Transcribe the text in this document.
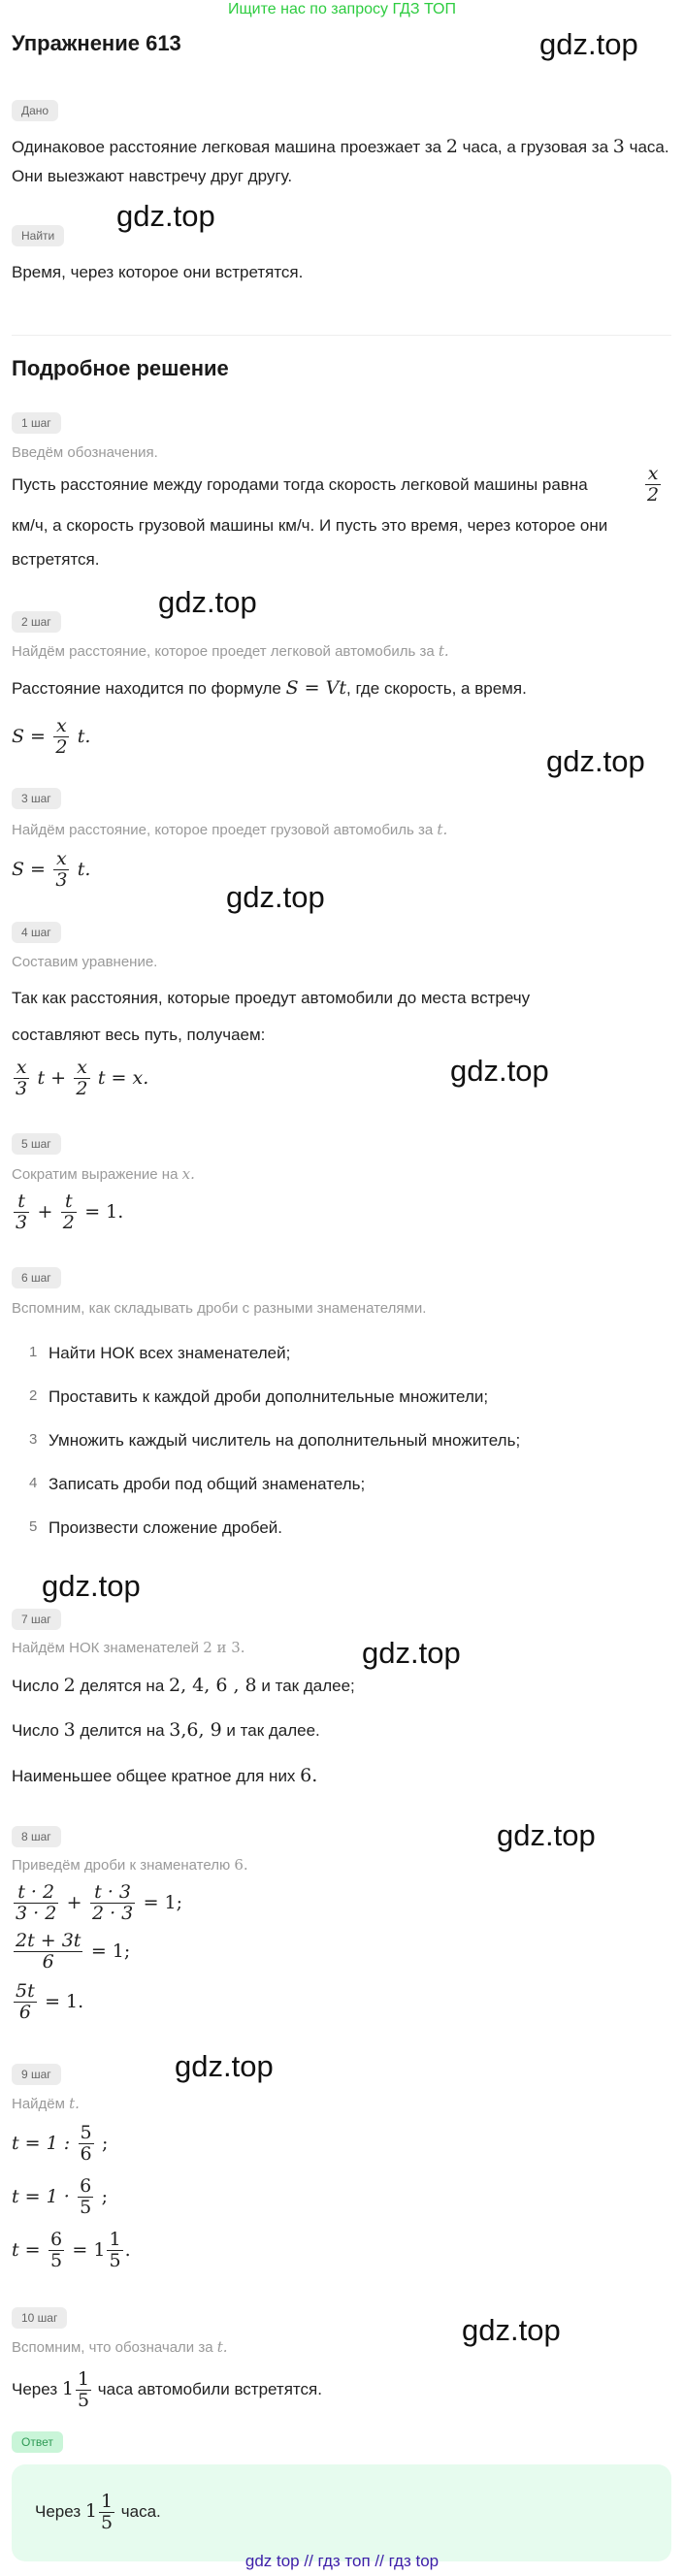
Ищите нас по запросу ГДЗ ТОП
Упражнение 613	gdz.top
gdz.top
gdz.top
gdz.top
gdz.top
gdz.top
gdz.top
gdz.top
gdz.top
gdz.top
gdz.top
Дано
Одинаковое расстояние легковая машина проезжает за 2 часа, а грузовая за 3 часа. Они выезжают навстречу друг другу.
Найти
Время, через которое они встретятся.
Подробное решение
1 шаг
Введём обозначения.
Пусть расстояние между городами тогда скорость легковой машины равна	$\frac{x}{2}$
км/ч, а скорость грузовой машины км/ч. И пусть это время, через которое они
встретятся.
2 шаг
Найдём расстояние, которое проедет легковой автомобиль за t.
Расстояние находится по формуле S = Vt, где скорость, а время.
$S = \frac{x}{2} t$.
3 шаг
Найдём расстояние, которое проедет грузовой автомобиль за t.
$S = \frac{x}{3} t$.
4 шаг
Составим уравнение.
Так как расстояния, которые проедут автомобили до места встречу
составляют весь путь, получаем:
$\frac{x}{3}$ $t + \frac{x}{2}$ t = x.
5 шаг
Сократим выражение на x.
$\frac{t}{3} + \frac{t}{2} = 1$.
6 шаг
Вспомним, как складывать дроби с разными знаменателями.
1 Найти НОК всех знаменателей;
2 Проставить к каждой дроби дополнительные множители;
3 Умножить каждый числитель на дополнительный множитель;
4 Записать дроби под общий знаменатель;
5 Произвести сложение дробей.
7 шаг
Найдём НОК знаменателей 2 и 3.
Число 2 делятся на 2, 4, 6 , 8 и так далее;
Число 3 делится на 3,6, 9 и так далее.
Наименьшее общее кратное для них 6.
8 шаг
Приведём дроби к знаменателю 6.
$\frac{t \cdot 2}{3 \cdot 2} + \frac{t \cdot 3}{2 \cdot 3} = 1$;
$\frac{2t + 3t}{6} = 1$;
$\frac{5t}{6} = 1$.
9 шаг
Найдём t.
t = 1 : $\frac{5}{6}$ ;
$t = 1 \cdot \frac{6}{5}$ ;
$t = \frac{6}{5} = 1 \frac{1}{5}$ .
10 шаг
Вспомним, что обозначали за t.
Через $1 \frac{1}{5}$ часа автомобили встретятся.
Ответ
Через $1 \frac{1}{5}$ часа.
gdz top // гдз топ // гдз top
